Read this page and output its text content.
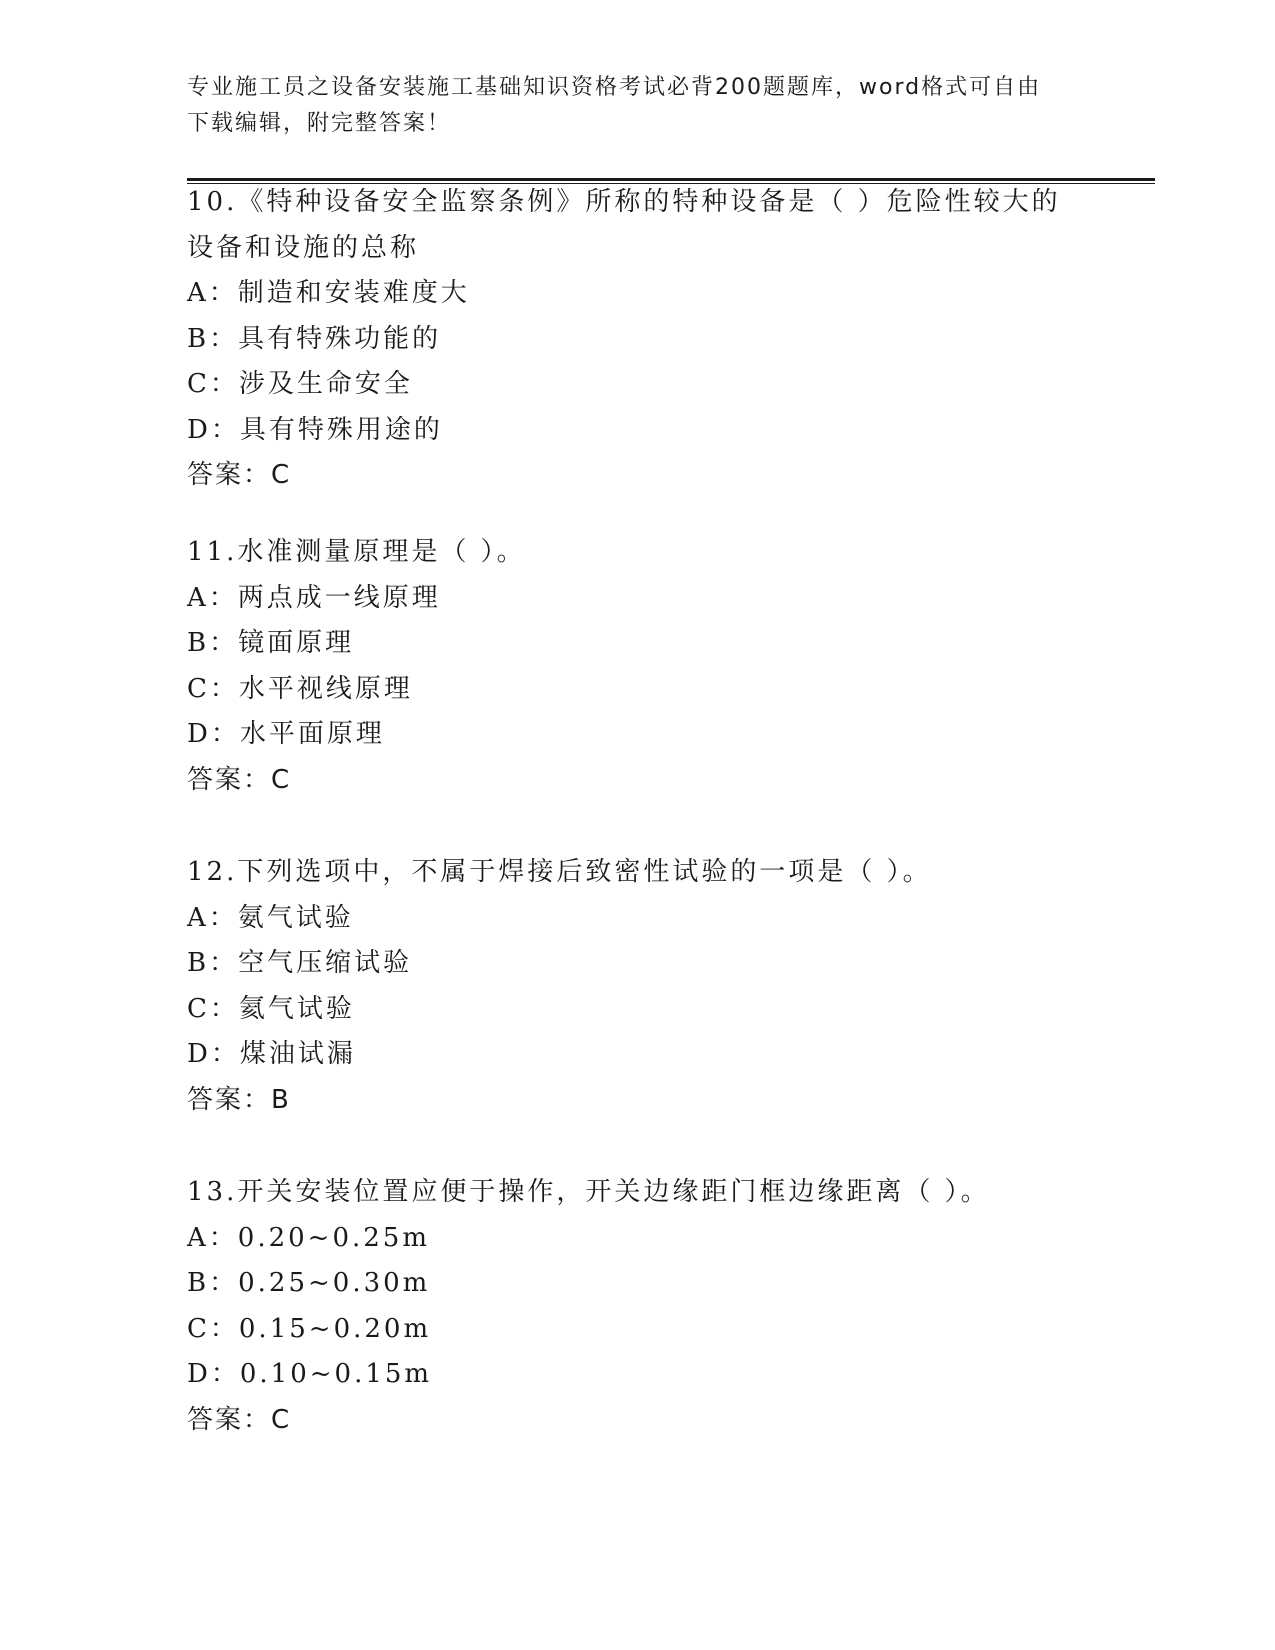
专业施工员之设备安装施工基础知识资格考试必背200题题库，word格式可自由
下载编辑，附完整答案！
10.《特种设备安全监察条例》所称的特种设备是（ ）危险性较大的
设备和设施的总称
A：制造和安装难度大
B：具有特殊功能的
C：涉及生命安全
D：具有特殊用途的
答案：C
11.水准测量原理是（ ）。
A：两点成一线原理
B：镜面原理
C：水平视线原理
D：水平面原理
答案：C
12.下列选项中，不属于焊接后致密性试验的一项是（ ）。
A：氨气试验
B：空气压缩试验
C：氦气试验
D：煤油试漏
答案：B
13.开关安装位置应便于操作，开关边缘距门框边缘距离（ ）。
A：0.20~0.25m
B：0.25~0.30m
C：0.15~0.20m
D：0.10~0.15m
答案：C
